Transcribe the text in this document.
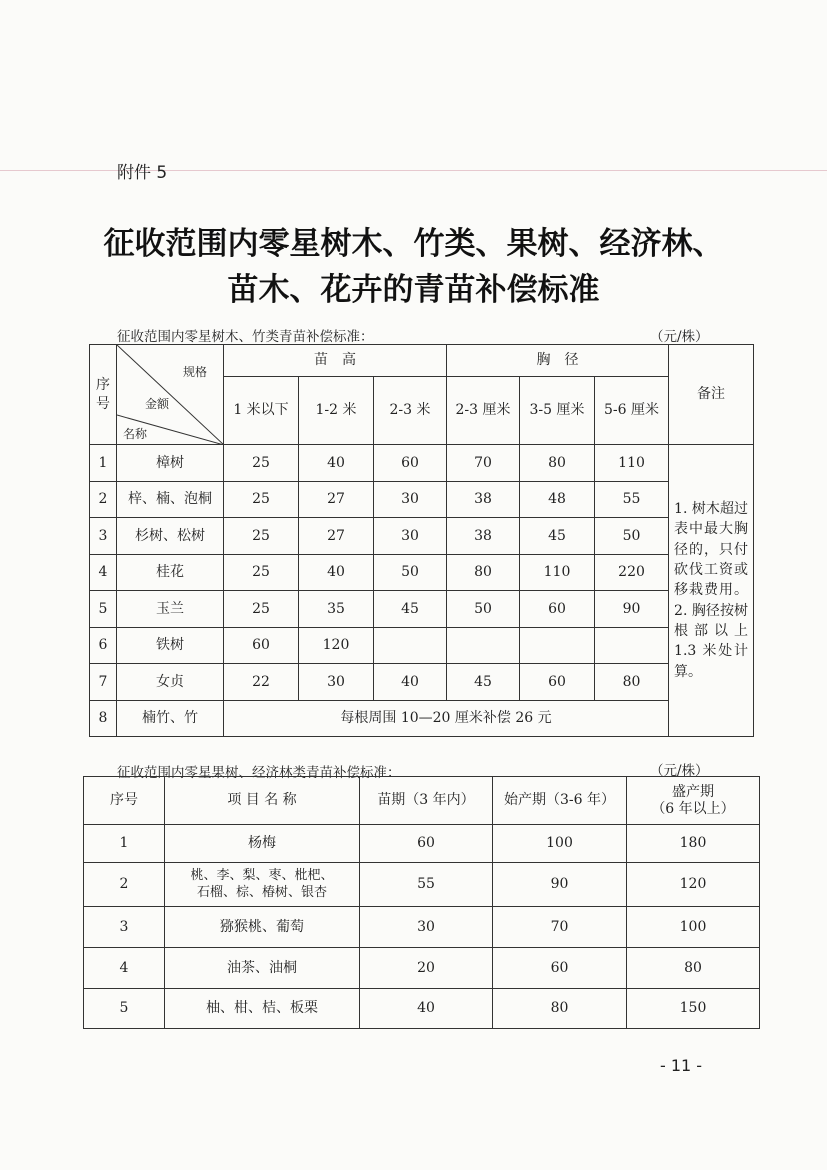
附件 5
征收范围内零星树木、竹类、果树、经济林、
苗木、花卉的青苗补偿标准
征收范围内零星树木、竹类青苗补偿标准：	（元/株）
序号	规格
金额
名称	苗　高			胸　径			备注
		1 米以下	1-2 米	2-3 米	2-3 厘米	3-5 厘米	5-6 厘米	
1	樟树	25	40	60	70	80	110	1. 树木超过表中最大胸径的，只付砍伐工资或移栽费用。2. 胸径按树根部以上 1.3 米处计算。
2	梓、楠、泡桐	25	27	30	38	48	55	
3	杉树、松树	25	27	30	38	45	50	
4	桂花	25	40	50	80	110	220	
5	玉兰	25	35	45	50	60	90	
6	铁树	60	120					
7	女贞	22	30	40	45	60	80	
8	楠竹、竹	每根周围 10—20 厘米补偿 26 元						
征收范围内零星果树、经济林类青苗补偿标准：	（元/株）
序号	项 目 名 称	苗期（3 年内）	始产期（3-6 年）	盛产期
（6 年以上）

1	杨梅	60	100	180
2	桃、李、梨、枣、枇杷、
石榴、棕、椿树、银杏	55	90	120
3	猕猴桃、葡萄	30	70	100
4	油茶、油桐	20	60	80
5	柚、柑、桔、板栗	40	80	150
- 11 -
